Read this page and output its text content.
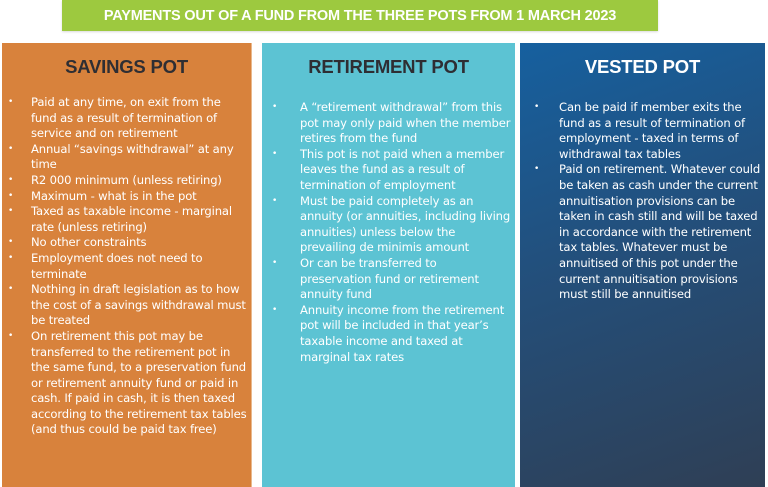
PAYMENTS OUT OF A FUND FROM THE THREE POTS FROM 1 MARCH 2023
SAVINGS POT
•	Paid at any time, on exit from the fund as a result of termination of service and on retirement
•	Annual “savings withdrawal” at any time
•	R2 000 minimum (unless retiring)
•	Maximum - what is in the pot
•	Taxed as taxable income - marginal rate (unless retiring)
•	No other constraints
•	Employment does not need to terminate
•	Nothing in draft legislation as to how the cost of a savings withdrawal must be treated
•	On retirement this pot may be transferred to the retirement pot in the same fund, to a preservation fund or retirement annuity fund or paid in cash. If paid in cash, it is then taxed according to the retirement tax tables (and thus could be paid tax free)
RETIREMENT POT
•	A “retirement withdrawal” from this pot may only paid when the member retires from the fund
•	This pot is not paid when a member leaves the fund as a result of termination of employment
•	Must be paid completely as an annuity (or annuities, including living annuities) unless below the prevailing de minimis amount
•	Or can be transferred to preservation fund or retirement annuity fund
•	Annuity income from the retirement pot will be included in that year’s taxable income and taxed at marginal tax rates
VESTED POT
•	Can be paid if member exits the fund as a result of termination of employment - taxed in terms of withdrawal tax tables
•	Paid on retirement. Whatever could be taken as cash under the current annuitisation provisions can be taken in cash still and will be taxed in accordance with the retirement tax tables. Whatever must be annuitised of this pot under the current annuitisation provisions must still be annuitised
